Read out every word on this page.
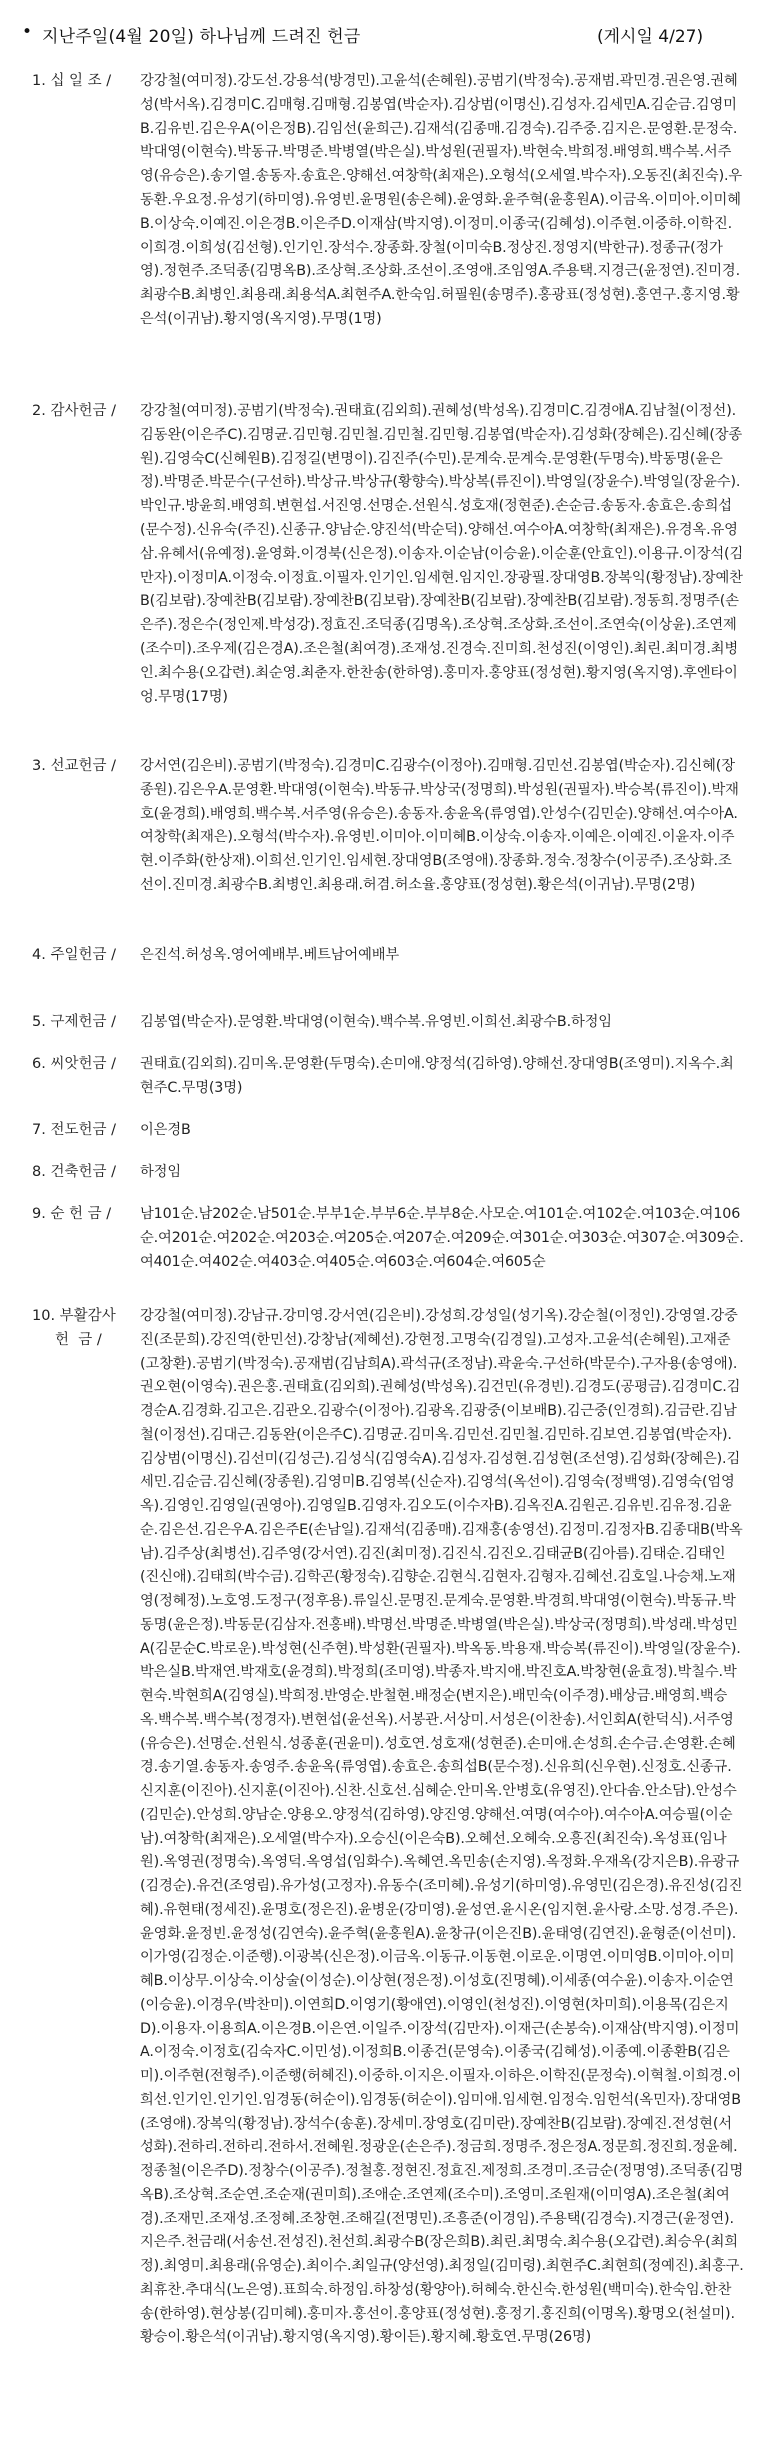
• 지난주일(4월 20일) 하나님께 드려진 헌금	(게시일 4/27)
1. 십 일 조 /	강강철(여미정).강도선.강용석(방경민).고윤석(손혜원).공범기(박정숙).공재범.곽민경.권은영.권혜성(박서옥).김경미C.김매형.김매형.김봉엽(박순자).김상범(이명신).김성자.김세민A.김순금.김영미B.김유빈.김은우A(이은정B).김임선(윤희근).김재석(김종매.김경숙).김주중.김지은.문영환.문정숙.박대영(이현숙).박동규.박명준.박병열(박은실).박성원(권필자).박현숙.박희정.배영희.백수복.서주영(유승은).송기열.송동자.송효은.양해선.여창학(최재은).오형석(오세열.박수자).오동진(최진숙).우동환.우요정.유성기(하미영).유영빈.윤명원(송은혜).윤영화.윤주혁(윤홍원A).이금옥.이미아.이미혜B.이상숙.이예진.이은경B.이은주D.이재삼(박지영).이정미.이종국(김혜성).이주현.이중하.이학진.이희경.이희성(김선형).인기인.장석수.장종화.장철(이미숙B.정상진.정영지(박한규).정종규(정가영).정현주.조덕종(김명옥B).조상혁.조상화.조선이.조영애.조임영A.주용택.지경근(윤정연).진미경.최광수B.최병인.최용래.최용석A.최현주A.한숙임.허필원(송명주).홍광표(정성현).홍연구.홍지영.황은석(이귀남).황지영(옥지영).무명(1명)
2. 감사헌금 /	강강철(여미정).공범기(박정숙).권태효(김외희).권혜성(박성옥).김경미C.김경애A.김남철(이정선).김동완(이은주C).김명균.김민형.김민철.김민철.김민형.김봉엽(박순자).김성화(장혜은).김신혜(장종원).김영숙C(신혜원B).김정길(변명이).김진주(수민).문계숙.문계숙.문영환(두명숙).박동명(윤은정).박명준.박문수(구선하).박상규.박상규(황향숙).박상복(류진이).박영일(장윤수).박영일(장윤수).박인규.방윤희.배영희.변현섭.서진영.선명순.선원식.성호재(정현준).손순금.송동자.송효은.송희섭(문수정).신유숙(주진).신종규.양남순.양진석(박순덕).양해선.여수아A.여창학(최재은).유경옥.유영삼.유혜서(유예정).윤영화.이경북(신은정).이송자.이순남(이승윤).이순훈(안효인).이용규.이장석(김만자).이정미A.이정숙.이정효.이필자.인기인.임세현.임지인.장광필.장대영B.장복익(황정남).장예찬B(김보람).장예찬B(김보람).장예찬B(김보람).장예찬B(김보람).장예찬B(김보람).정동희.정명주(손은주).정은수(정인제.박성강).정효진.조덕종(김명옥).조상혁.조상화.조선이.조연숙(이상윤).조연제(조수미).조우제(김은경A).조은철(최여경).조재성.진경숙.진미희.천성진(이영인).최린.최미경.최병인.최수용(오갑련).최순영.최춘자.한찬송(한하영).홍미자.홍양표(정성현).황지영(옥지영).후엔타이엉.무명(17명)
3. 선교헌금 /	강서연(김은비).공범기(박정숙).김경미C.김광수(이정아).김매형.김민선.김봉엽(박순자).김신혜(장종원).김은우A.문영환.박대영(이현숙).박동규.박상국(정명희).박성원(권필자).박승복(류진이).박재호(윤경희).배영희.백수복.서주영(유승은).송동자.송윤옥(류영엽).안성수(김민순).양해선.여수아A.여창학(최재은).오형석(박수자).유영빈.이미아.이미혜B.이상숙.이송자.이예은.이예진.이윤자.이주현.이주화(한상재).이희선.인기인.임세현.장대영B(조영애).장종화.정숙.정창수(이공주).조상화.조선이.진미경.최광수B.최병인.최용래.허겸.허소율.홍양표(정성현).황은석(이귀남).무명(2명)
4. 주일헌금 /	은진석.허성옥.영어예배부.베트남어예배부
5. 구제헌금 /	김봉엽(박순자).문영환.박대영(이현숙).백수복.유영빈.이희선.최광수B.하정임
6. 씨앗헌금 /	권태효(김외희).김미옥.문영환(두명숙).손미애.양정석(김하영).양해선.장대영B(조영미).지옥수.최현주C.무명(3명)
7. 전도헌금 /	이은경B
8. 건축헌금 /	하정임
9. 순 헌 금 /	남101순.남202순.남501순.부부1순.부부6순.부부8순.사모순.여101순.여102순.여103순.여106순.여201순.여202순.여203순.여205순.여207순.여209순.여301순.여303순.여307순.여309순.여401순.여402순.여403순.여405순.여603순.여604순.여605순
10. 부활감사
헌  금 /
강강철(여미정).강남규.강미영.강서연(김은비).강성희.강성일(성기옥).강순철(이정인).강영열.강중진(조문희).강진역(한민선).강창남(제혜선).강현정.고명숙(김경일).고성자.고윤석(손혜원).고재준(고창환).공범기(박정숙).공재범(김남희A).곽석규(조정남).곽윤숙.구선하(박문수).구자용(송영애).권오현(이영숙).권은홍.권태효(김외희).권혜성(박성옥).김건민(유경빈).김경도(공평금).김경미C.김경순A.김경화.김고은.김관오.김광수(이정아).김광옥.김광중(이보배B).김근중(인경희).김금란.김남철(이정선).김대근.김동완(이은주C).김명균.김미옥.김민선.김민철.김민하.김보연.김봉엽(박순자).김상범(이명신).김선미(김성근).김성식(김영숙A).김성자.김성현.김성현(조선영).김성화(장혜은).김세민.김순금.김신혜(장종원).김영미B.김영복(신순자).김영석(옥선이).김영숙(정백영).김영숙(엄영옥).김영인.김영일(권영아).김영일B.김영자.김오도(이수자B).김옥진A.김원곤.김유빈.김유정.김윤순.김은선.김은우A.김은주E(손남일).김재석(김종매).김재홍(송영선).김정미.김정자B.김종대B(박옥남).김주상(최병선).김주영(강서연).김진(최미정).김진식.김진오.김태균B(김아름).김태순.김태인(진신애).김태희(박수금).김학곤(황정숙).김향순.김현식.김현자.김형자.김혜선.김호일.나승채.노재영(정혜정).노호영.도정구(정후용).류일신.문명진.문계숙.문영환.박경희.박대영(이현숙).박동규.박동명(윤은정).박동문(김삼자.전홍배).박명선.박명준.박병열(박은실).박상국(정명희).박성래.박성민A(김문순C.박로운).박성현(신주현).박성환(권필자).박옥동.박용재.박승복(류진이).박영일(장윤수).박은실B.박재연.박재호(윤경희).박정희(조미영).박종자.박지애.박진호A.박창현(윤효정).박칠수.박현숙.박현희A(김영실).박희정.반영순.반철현.배정순(변지은).배민숙(이주경).배상금.배영희.백승옥.백수복.백수복(정경자).변현섭(윤선옥).서봉관.서상미.서성은(이찬송).서인회A(한덕식).서주영(유승은).선명순.선원식.성종훈(권윤미).성호연.성호재(성현준).손미애.손성희.손수금.손영환.손혜경.송기열.송동자.송영주.송윤옥(류영엽).송효은.송희섭B(문수정).신유희(신우현).신정호.신종규.신지훈(이진아).신지훈(이진아).신찬.신호선.심혜순.안미옥.안병호(유영진).안다솜.안소담).안성수(김민순).안성희.양남순.양용오.양정석(김하영).양진영.양해선.여명(여수아).여수아A.여승필(이순남).여창학(최재은).오세열(박수자).오승신(이은숙B).오혜선.오혜숙.오흥진(최진숙).옥성표(임나원).옥영권(정명숙).옥영덕.옥영섭(임화수).옥혜연.옥민송(손지영).옥정화.우재옥(강지은B).유광규(김경순).유건(조영림).유가성(고정자).유동수(조미혜).유성기(하미영).유영민(김은경).유진성(김진혜).유현태(정세진).윤명호(정은진).윤병운(강미영).윤성연.윤시온(임지현.윤사랑.소망.성경.주은).윤영화.윤정빈.윤정성(김연숙).윤주혁(윤홍원A).윤창규(이은진B).윤태영(김연진).윤형준(이선미).이가영(김정순.이준행).이광복(신은정).이금옥.이동규.이동현.이로운.이명연.이미영B.이미아.이미혜B.이상무.이상숙.이상술(이성순).이상현(정은정).이성호(진명혜).이세종(여수윤).이송자.이순연(이승윤).이경우(박찬미).이연희D.이영기(황애연).이영인(천성진).이영현(차미희).이용목(김은지D).이용자.이용희A.이은경B.이은연.이일주.이장석(김만자).이재근(손봉숙).이재삼(박지영).이정미A.이정숙.이정호(김숙자C.이민성).이정희B.이종건(문영숙).이종국(김혜성).이종예.이종환B(김은미).이주현(전형주).이준행(허혜진).이중하.이지은.이필자.이하은.이학진(문정숙).이혁철.이희경.이희선.인기인.인기인.임경동(허순이).임경동(허순이).임미애.임세현.임정숙.임헌석(옥민자).장대영B(조영애).장복익(황정남).장석수(송훈).장세미.장영호(김미란).장예찬B(김보람).장예진.전성현(서성화).전하리.전하리.전하서.전혜원.정광운(손은주).정금희.정명주.정은정A.정문희.정진희.정윤혜.정종철(이은주D).정창수(이공주).정철홍.정현진.정효진.제정희.조경미.조금순(정명영).조덕종(김명옥B).조상혁.조순연.조순재(권미희).조애순.조연제(조수미).조영미.조원재(이미영A).조은철(최여경).조재민.조재성.조정혜.조창현.조해길(전명민).조흥준(이경임).주용택(김경숙).지경근(윤정연).지은주.천금래(서송선.전성진).천선희.최광수B(장은희B).최린.최명숙.최수용(오갑련).최승우(최희정).최영미.최용래(유영순).최이수.최일규(양선영).최정일(김미령).최현주C.최현희(정예진).최홍구.최휴찬.추대식(노은영).표희숙.하정임.하창성(황양아).허혜숙.한신숙.한성원(백미숙).한숙임.한찬송(한하영).현상봉(김미혜).홍미자.홍선이.홍양표(정성현).홍정기.홍진희(이명옥).황명오(천설미).황승이.황은석(이귀남).황지영(옥지영).황이든).황지혜.황호연.무명(26명)
